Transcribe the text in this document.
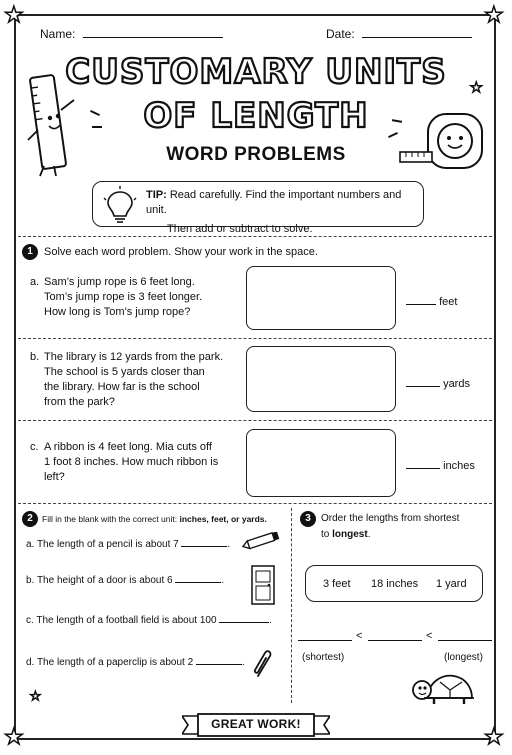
★	★
★	★
★
★
Name:	Date:
CUSTOMARY UNITS
OF LENGTH
WORD PROBLEMS
TIP: Read carefully. Find the important numbers and unit.
Then add or subtract to solve.
1	Solve each word problem. Show your work in the space.
a. Sam’s jump rope is 6 feet long.
Tom’s jump rope is 3 feet longer.
How long is Tom’s jump rope?
feet
b. The library is 12 yards from the park.
The school is 5 yards closer than
the library. How far is the school
from the park?
yards
c. A ribbon is 4 feet long. Mia cuts off
1 foot 8 inches. How much ribbon is
left?
inches
2	Fill in the blank with the correct unit: inches, feet, or yards.
a. The length of a pencil is about 7	.
b. The height of a door is about 6	.
c. The length of a football field is about 100	.
d. The length of a paperclip is about 2	.
3	Order the lengths from shortest
to longest.
3 feet 18 inches 1 yard
<	<
(shortest)	(longest)
GREAT WORK!
